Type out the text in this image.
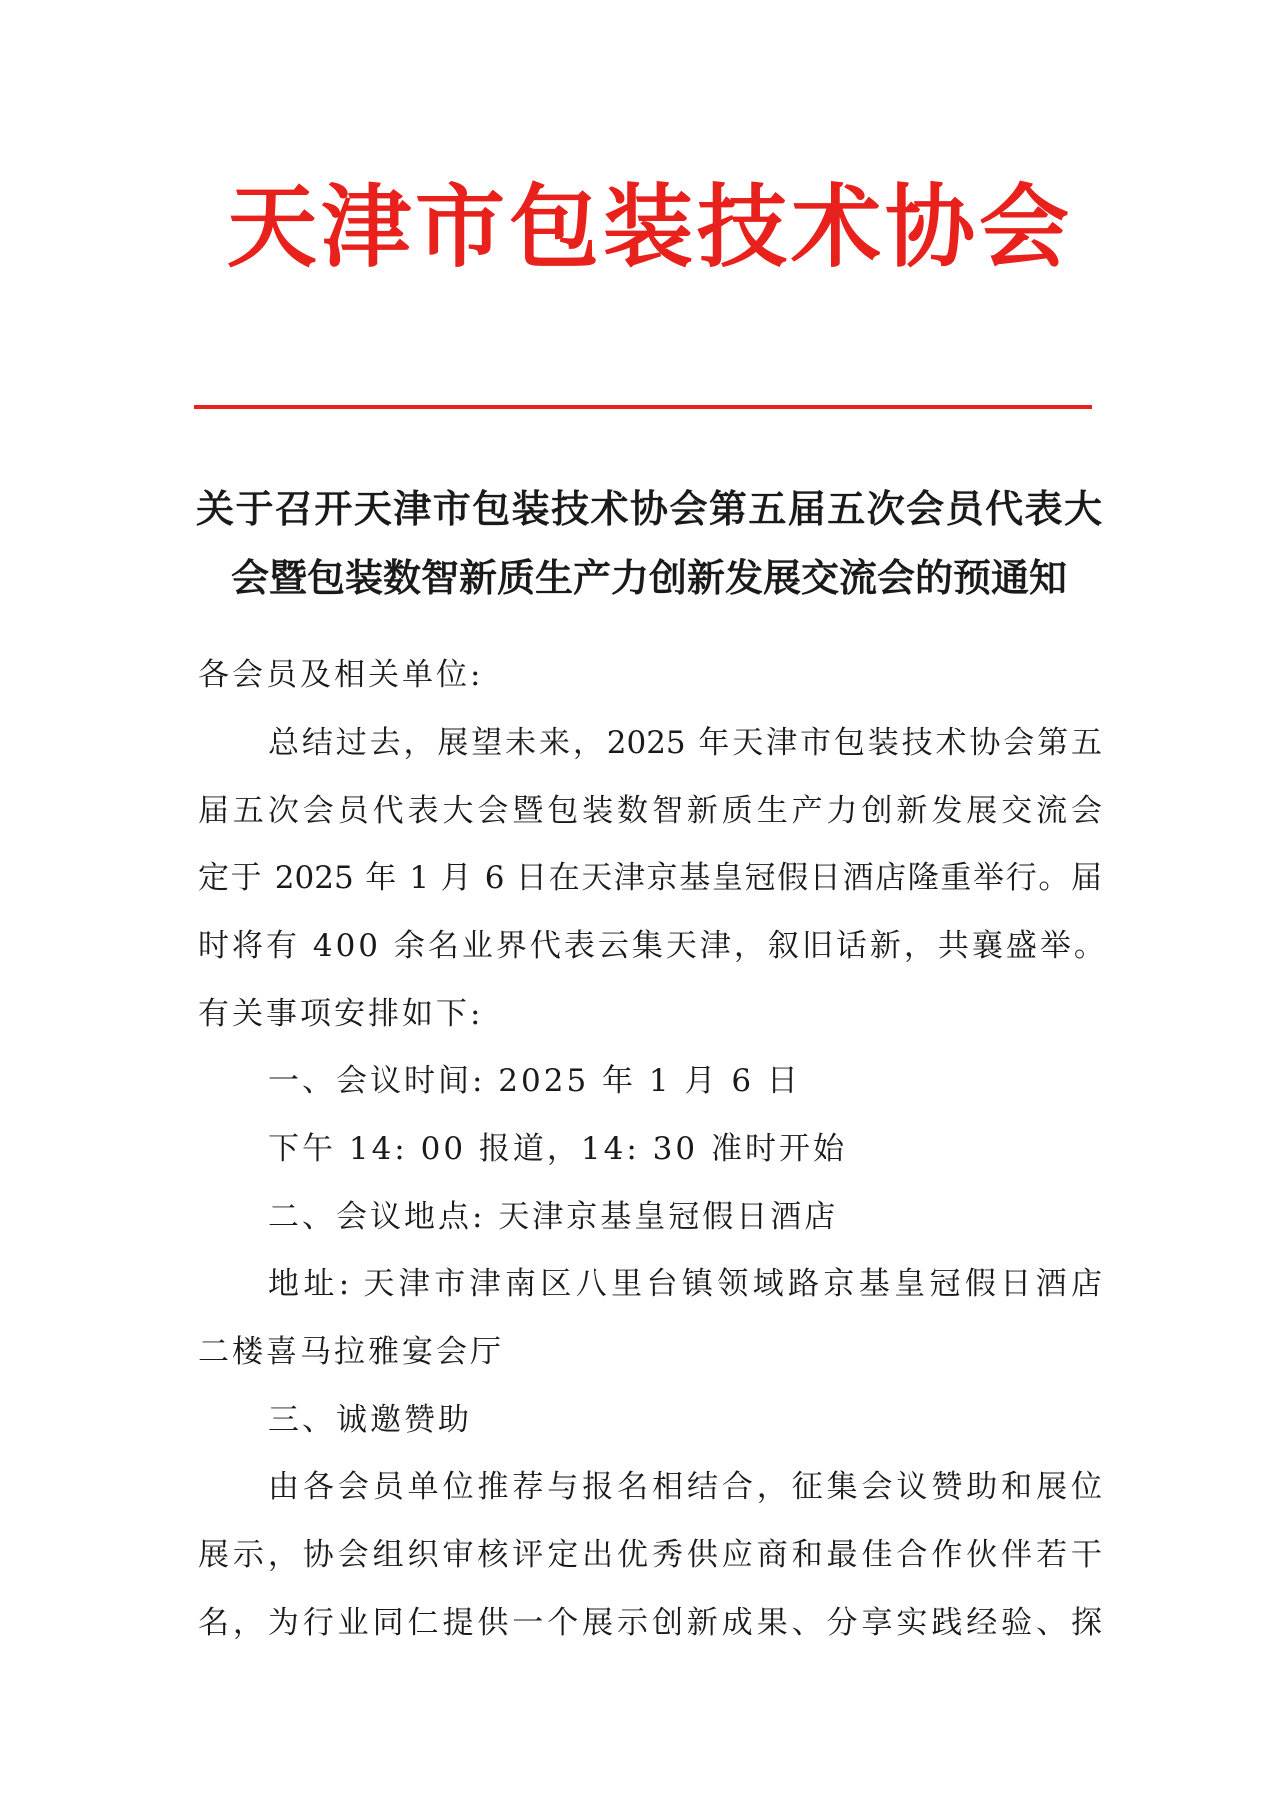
天津市包装技术协会
关于召开天津市包装技术协会第五届五次会员代表大
会暨包装数智新质生产力创新发展交流会的预通知
各会员及相关单位:
总结过去，展望未来，2025 年天津市包装技术协会第五
届五次会员代表大会暨包装数智新质生产力创新发展交流会
定于 2025 年 1 月 6 日在天津京基皇冠假日酒店隆重举行。届
时将有 400 余名业界代表云集天津，叙旧话新，共襄盛举。
有关事项安排如下:
一、会议时间: 2025 年 1 月 6 日
下午 14: 00 报道，14: 30 准时开始
二、会议地点: 天津京基皇冠假日酒店
地址: 天津市津南区八里台镇领域路京基皇冠假日酒店
二楼喜马拉雅宴会厅
三、诚邀赞助
由各会员单位推荐与报名相结合，征集会议赞助和展位
展示，协会组织审核评定出优秀供应商和最佳合作伙伴若干
名，为行业同仁提供一个展示创新成果、分享实践经验、探
